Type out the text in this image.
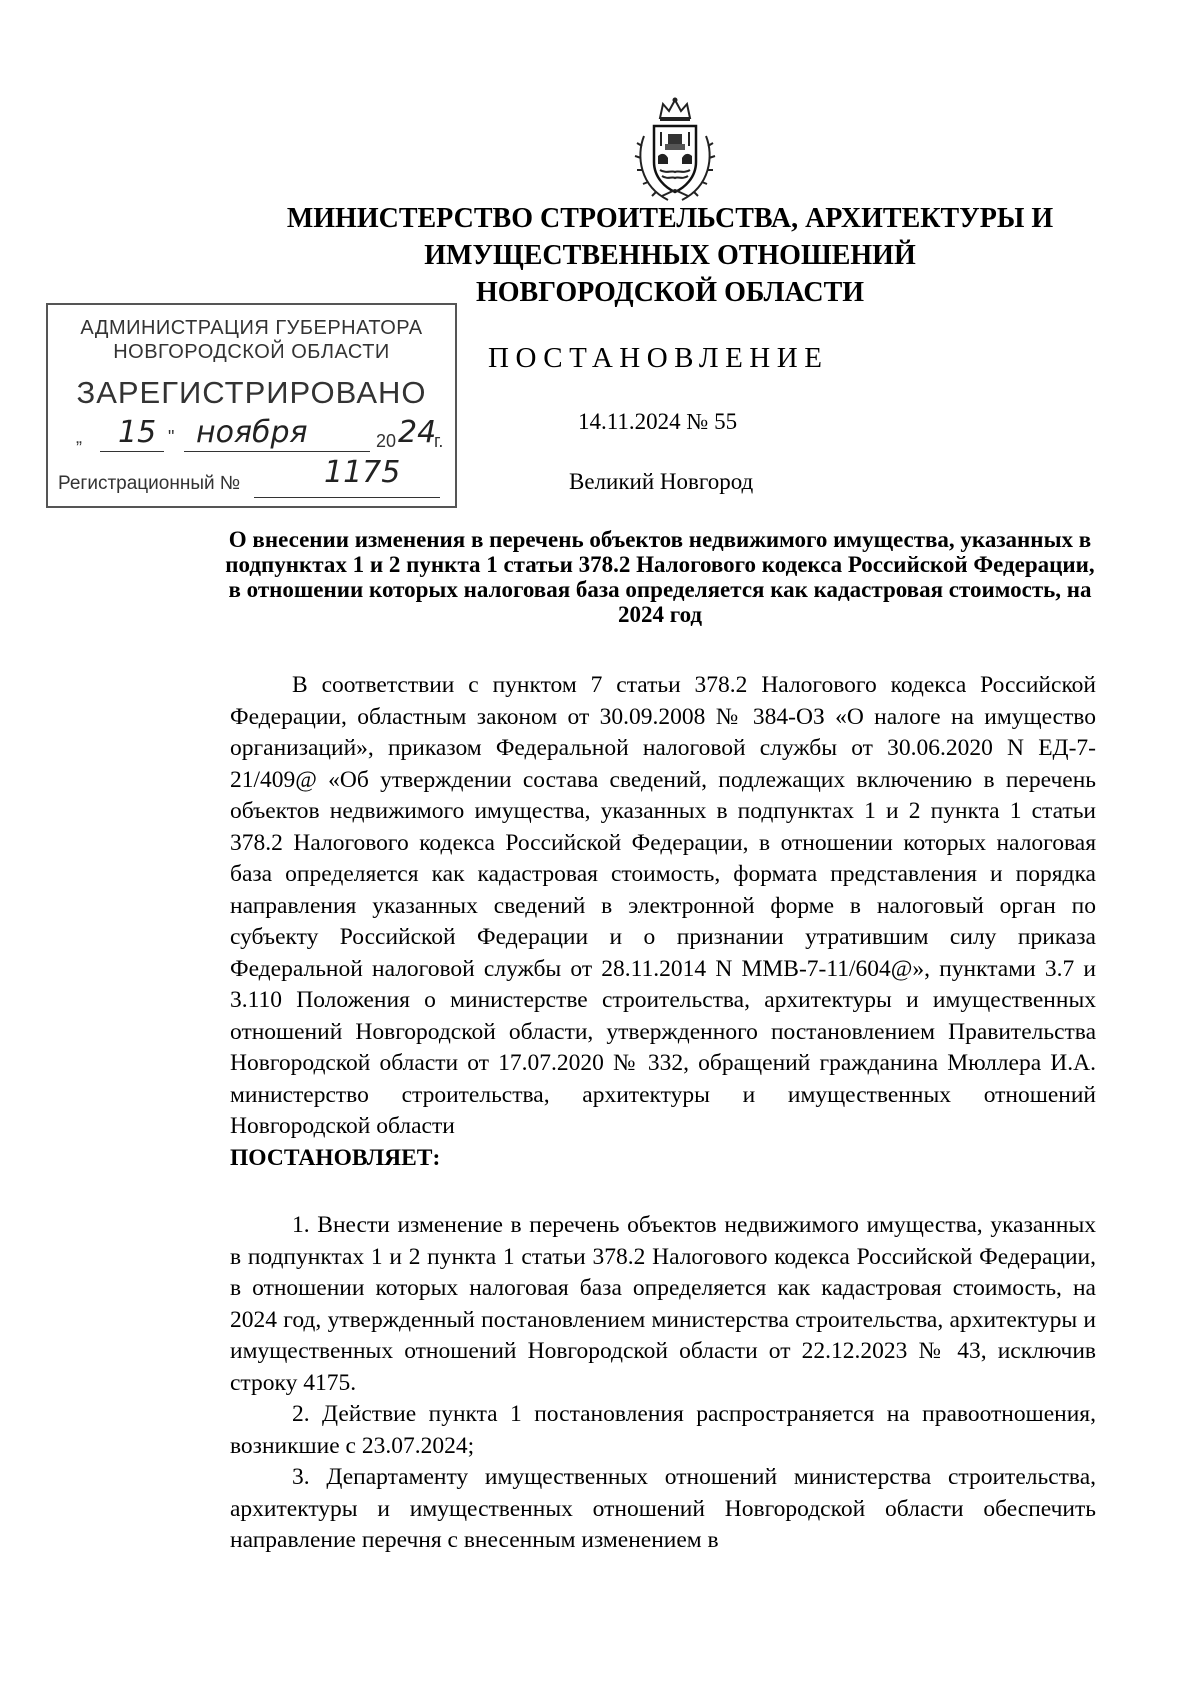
МИНИСТЕРСТВО СТРОИТЕЛЬСТВА, АРХИТЕКТУРЫ И
ИМУЩЕСТВЕННЫХ ОТНОШЕНИЙ
НОВГОРОДСКОЙ ОБЛАСТИ
АДМИНИСТРАЦИЯ ГУБЕРНАТОРА
НОВГОРОДСКОЙ ОБЛАСТИ
ЗАРЕГИСТРИРОВАНО
„ 15 " ноября	20 24
г.
Регистрационный №	1175
ПОСТАНОВЛЕНИЕ
14.11.2024 № 55
Великий Новгород
О внесении изменения в перечень объектов недвижимого имущества, указанных в подпунктах 1 и 2 пункта 1 статьи 378.2 Налогового кодекса Российской Федерации, в отношении которых налоговая база определяется как кадастровая стоимость, на 2024 год

В соответствии с пунктом 7 статьи 378.2 Налогового кодекса Российской Федерации, областным законом от 30.09.2008 № 384-ОЗ «О налоге на имущество организаций», приказом Федеральной налоговой службы от 30.06.2020 N ЕД-7-21/409@ «Об утверждении состава сведений, подлежащих включению в перечень объектов недвижимого имущества, указанных в подпунктах 1 и 2 пункта 1 статьи 378.2 Налогового кодекса Российской Федерации, в отношении которых налоговая база определяется как кадастровая стоимость, формата представления и порядка направления указанных сведений в электронной форме в налоговый орган по субъекту Российской Федерации и о признании утратившим силу приказа Федеральной налоговой службы от 28.11.2014 N ММВ-7-11/604@», пунктами 3.7 и 3.110 Положения о министерстве строительства, архитектуры и имущественных отношений Новгородской области, утвержденного постановлением Правительства Новгородской области от 17.07.2020 № 332, обращений гражданина Мюллера И.А. министерство строительства, архитектуры и имущественных отношений Новгородской области

ПОСТАНОВЛЯЕТ:

1. Внести изменение в перечень объектов недвижимого имущества, указанных в подпунктах 1 и 2 пункта 1 статьи 378.2 Налогового кодекса Российской Федерации, в отношении которых налоговая база определяется как кадастровая стоимость, на 2024 год, утвержденный постановлением министерства строительства, архитектуры и имущественных отношений Новгородской области от 22.12.2023 № 43, исключив строку 4175.

2. Действие пункта 1 постановления распространяется на правоотношения, возникшие с 23.07.2024;

3. Департаменту имущественных отношений министерства строительства, архитектуры и имущественных отношений Новгородской области обеспечить направление перечня с внесенным изменением в
